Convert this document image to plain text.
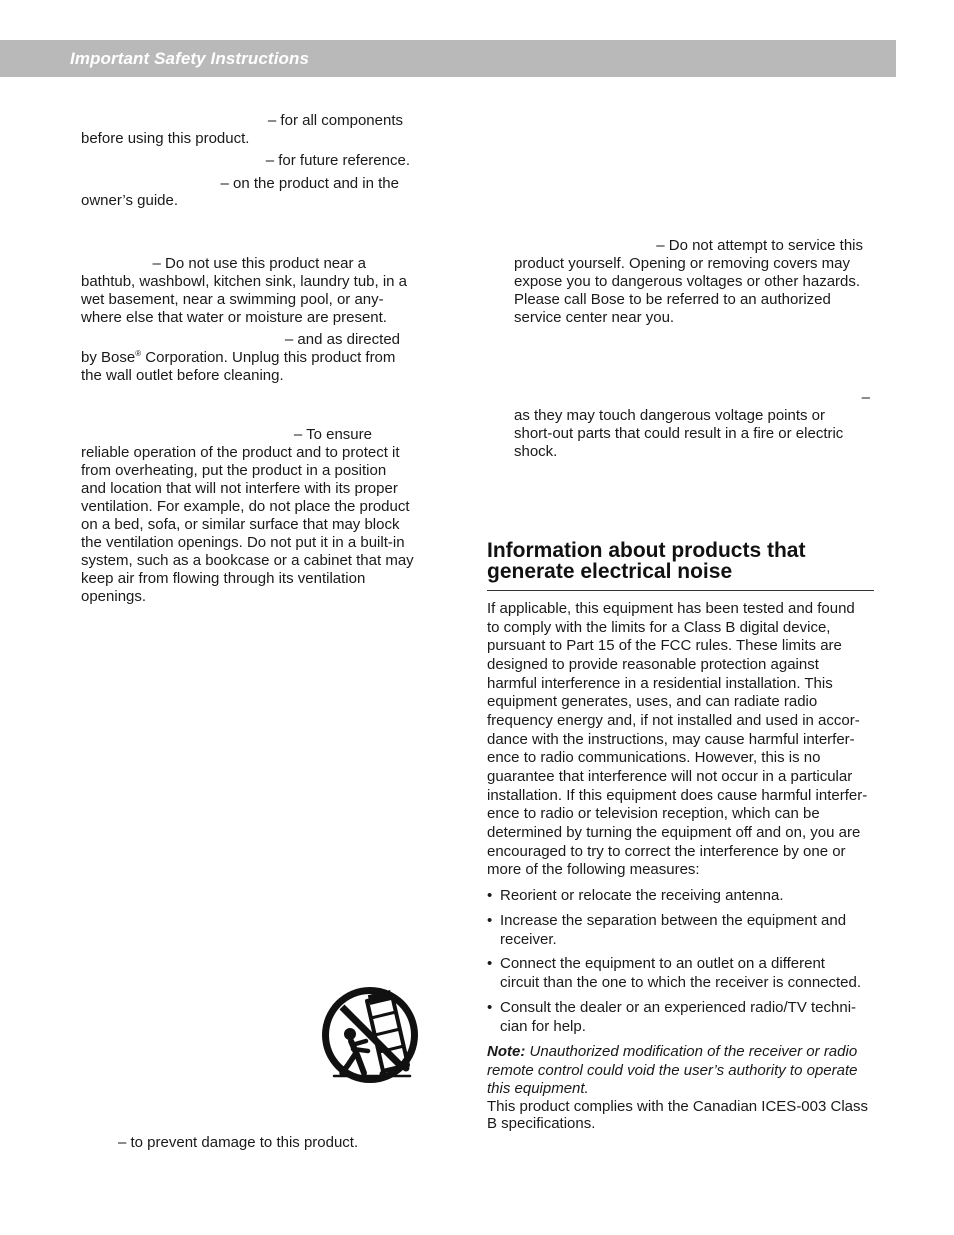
Important Safety Instructions
– for all components
before using this product.
– for future reference.
– on the product and in the
owner’s guide.
– Do not use this product near a
bathtub, washbowl, kitchen sink, laundry tub, in a
wet basement, near a swimming pool, or any-
where else that water or moisture are present.
– and as directed
by Bose® Corporation. Unplug this product from
the wall outlet before cleaning.
– To ensure
reliable operation of the product and to protect it
from overheating, put the product in a position
and location that will not interfere with its proper
ventilation. For example, do not place the product
on a bed, sofa, or similar surface that may block
the ventilation openings. Do not put it in a built-in
system, such as a bookcase or a cabinet that may
keep air from flowing through its ventilation
openings.
– to prevent damage to this product.
– Do not attempt to service this
product yourself. Opening or removing covers may
expose you to dangerous voltages or other hazards.
Please call Bose to be referred to an authorized
service center near you.
–
as they may touch dangerous voltage points or
short-out parts that could result in a fire or electric
shock.
Information about products that
generate electrical noise
If applicable, this equipment has been tested and found
to comply with the limits for a Class B digital device,
pursuant to Part 15 of the FCC rules. These limits are
designed to provide reasonable protection against
harmful interference in a residential installation. This
equipment generates, uses, and can radiate radio
frequency energy and, if not installed and used in accor-
dance with the instructions, may cause harmful interfer-
ence to radio communications. However, this is no
guarantee that interference will not occur in a particular
installation. If this equipment does cause harmful interfer-
ence to radio or television reception, which can be
determined by turning the equipment off and on, you are
encouraged to try to correct the interference by one or
more of the following measures:
• Reorient or relocate the receiving antenna.
• Increase the separation between the equipment and
receiver.
• Connect the equipment to an outlet on a different
circuit than the one to which the receiver is connected.
• Consult the dealer or an experienced radio/TV techni-
cian for help.
Note: Unauthorized modification of the receiver or radio
remote control could void the user’s authority to operate
this equipment.
This product complies with the Canadian ICES-003 Class
B specifications.
